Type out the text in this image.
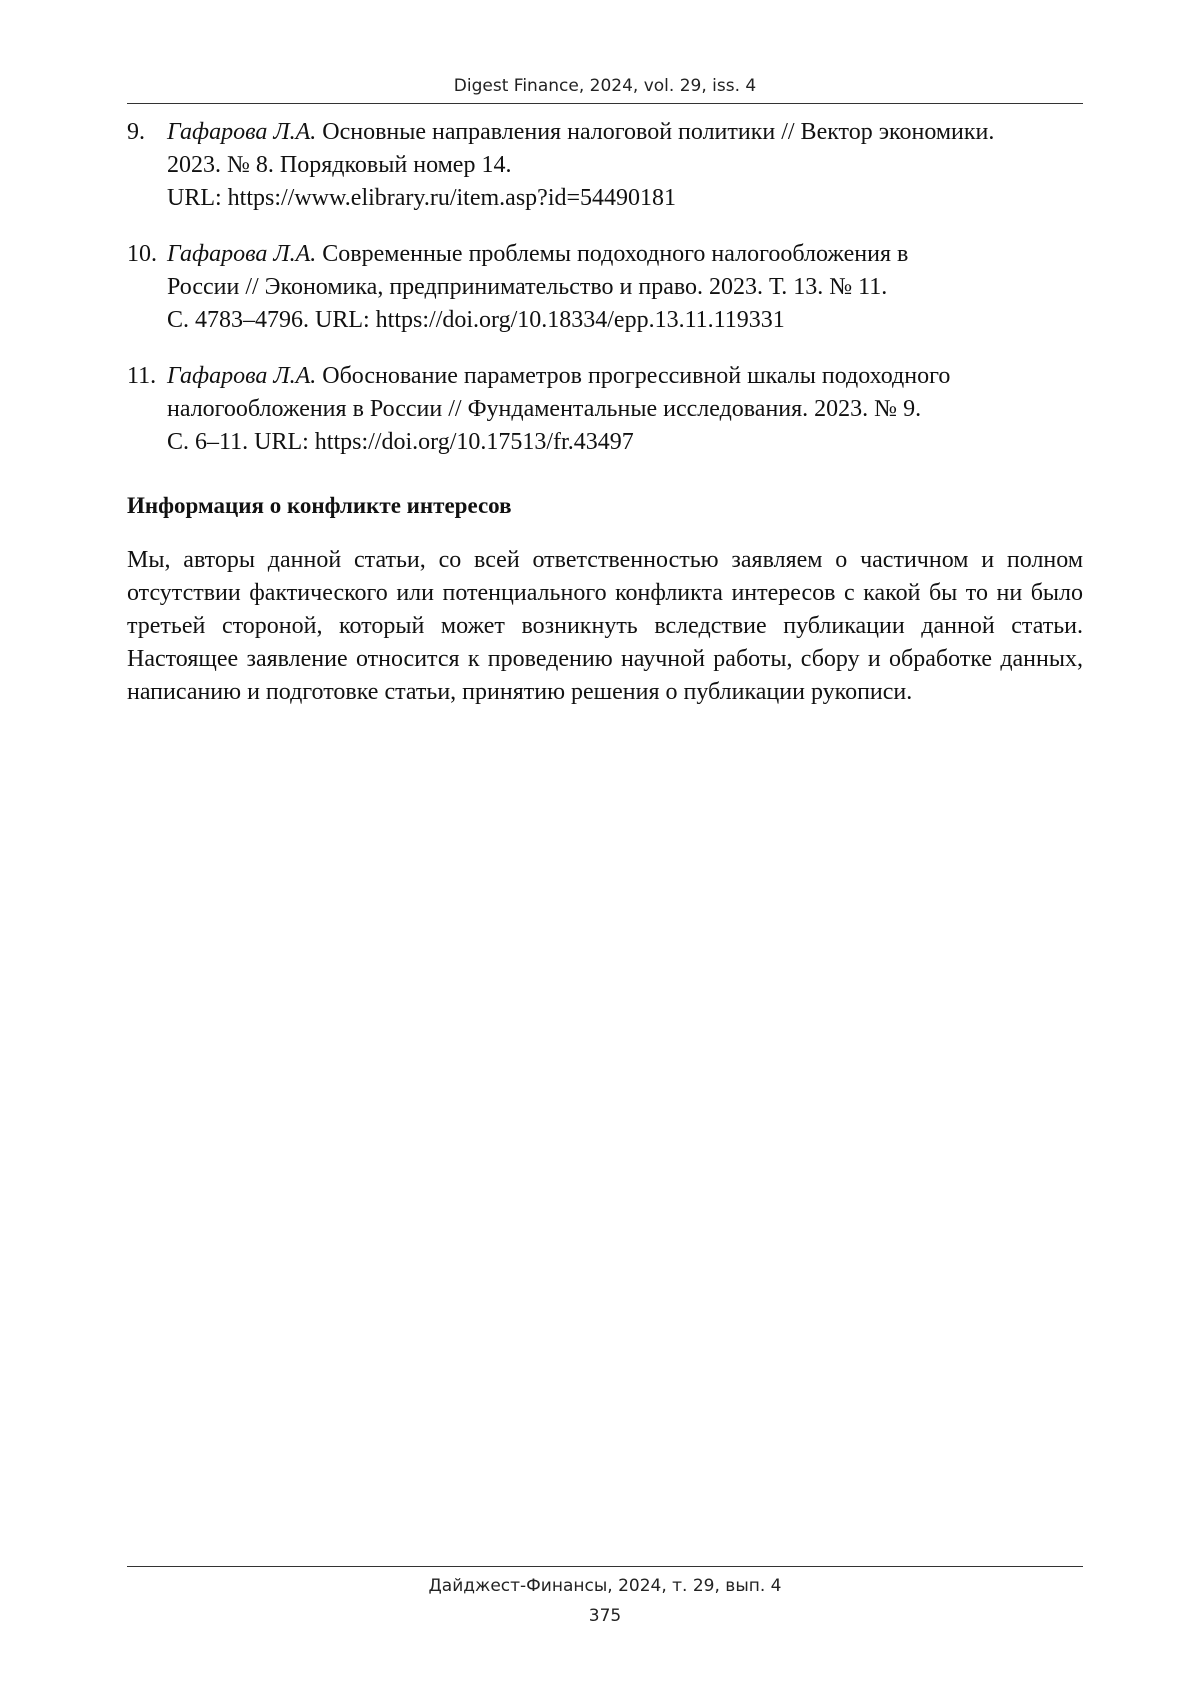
Digest Finance, 2024, vol. 29, iss. 4
9. Гафарова Л.А. Основные направления налоговой политики // Вектор экономики.
2023. № 8. Порядковый номер 14.
URL: https://www.elibrary.ru/item.asp?id=54490181
10. Гафарова Л.А. Современные проблемы подоходного налогообложения в
России // Экономика, предпринимательство и право. 2023. Т. 13. № 11.
С. 4783–4796. URL: https://doi.org/10.18334/epp.13.11.119331
11. Гафарова Л.А. Обоснование параметров прогрессивной шкалы подоходного
налогообложения в России // Фундаментальные исследования. 2023. № 9.
С. 6–11. URL: https://doi.org/10.17513/fr.43497
Информация о конфликте интересов

Мы, авторы данной статьи, со всей ответственностью заявляем о частичном и полном отсутствии фактического или потенциального конфликта интересов с какой бы то ни было третьей стороной, который может возникнуть вследствие публикации данной статьи. Настоящее заявление относится к проведению научной работы, сбору и обработке данных, написанию и подготовке статьи, принятию решения о публикации рукописи.

Дайджест-Финансы, 2024, т. 29, вып. 4
375
